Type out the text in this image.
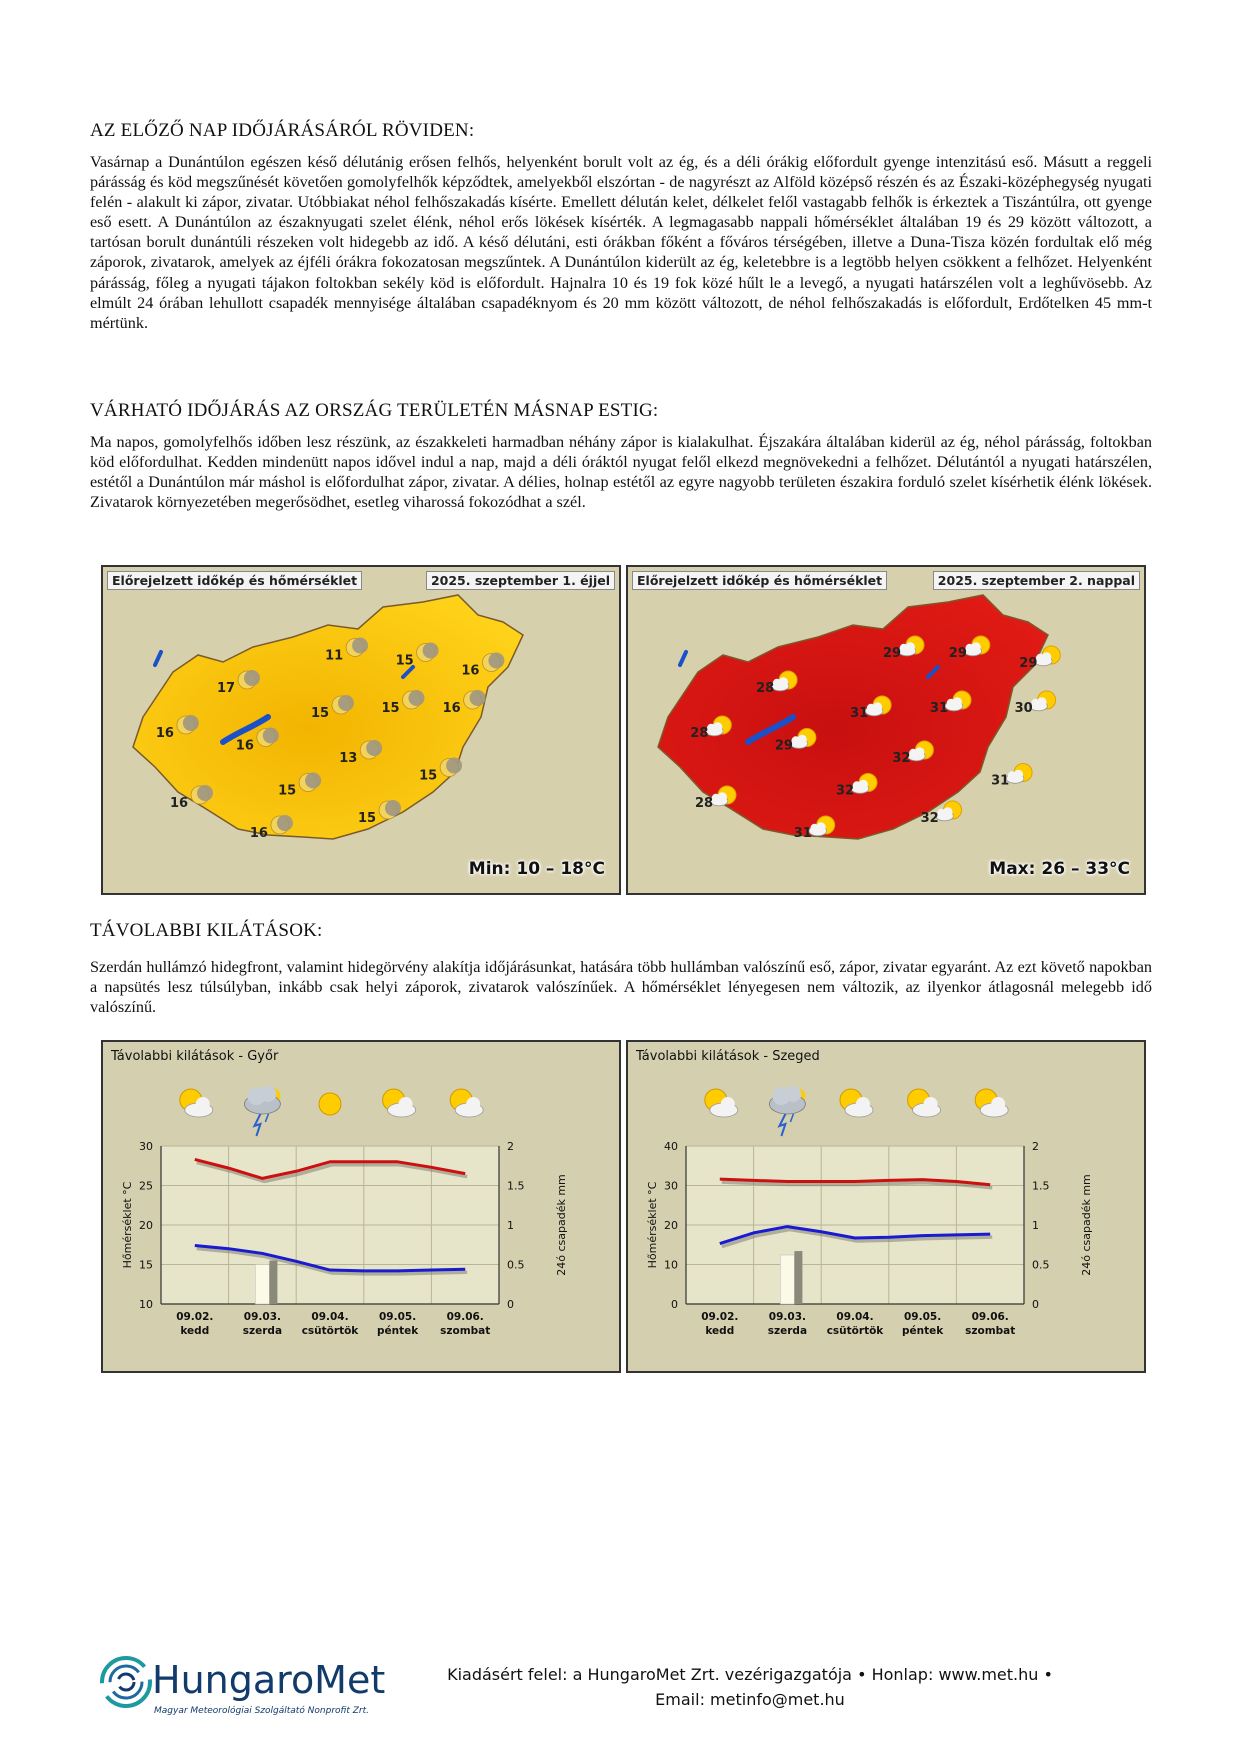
AZ ELŐZŐ NAP IDŐJÁRÁSÁRÓL RÖVIDEN:

Vasárnap a Dunántúlon egészen késő délutánig erősen felhős, helyenként borult volt az ég, és a déli órákig előfordult gyenge intenzitású eső. Másutt a reggeli párásság és köd megszűnését követően gomolyfelhők képződtek, amelyekből elszórtan - de nagyrészt az Alföld középső részén és az Északi-középhegység nyugati felén - alakult ki zápor, zivatar. Utóbbiakat néhol felhőszakadás kísérte. Emellett délután kelet, délkelet felől vastagabb felhők is érkeztek a Tiszántúlra, ott gyenge eső esett. A Dunántúlon az északnyugati szelet élénk, néhol erős lökések kísérték. A legmagasabb nappali hőmérséklet általában 19 és 29 között változott, a tartósan borult dunántúli részeken volt hidegebb az idő. A késő délutáni, esti órákban főként a főváros térségében, illetve a Duna-Tisza közén fordultak elő még záporok, zivatarok, amelyek az éjféli órákra fokozatosan megszűntek. A Dunántúlon kiderült az ég, keletebbre is a legtöbb helyen csökkent a felhőzet. Helyenként párásság, főleg a nyugati tájakon foltokban sekély köd is előfordult. Hajnalra 10 és 19 fok közé hűlt le a levegő, a nyugati határszélen volt a leghűvösebb. Az elmúlt 24 órában lehullott csapadék mennyisége általában csapadéknyom és 20 mm között változott, de néhol felhőszakadás is előfordult, Erdőtelken 45 mm-t mértünk.

VÁRHATÓ IDŐJÁRÁS AZ ORSZÁG TERÜLETÉN MÁSNAP ESTIG:

Ma napos, gomolyfelhős időben lesz részünk, az északkeleti harmadban néhány zápor is kialakulhat. Éjszakára általában kiderül az ég, néhol párásság, foltokban köd előfordulhat. Kedden mindenütt napos idővel indul a nap, majd a déli óráktól nyugat felől elkezd megnövekedni a felhőzet. Délutántól a nyugati határszélen, estétől a Dunántúlon már máshol is előfordulhat zápor, zivatar. A délies, holnap estétől az egyre nagyobb területen északira forduló szelet kísérhetik élénk lökések. Zivatarok környezetében megerősödhet, esetleg viharossá fokozódhat a szél.

11	15
16
17
15	15	16
16
16
13
15
15
16
15
16
Előrejelzett időkép és hőmérséklet	2025. szeptember 1. éjjel
Min: 10 – 18°C
29	29
29
28
31	31	30
28
29
32
32
31
28
32
31
Előrejelzett időkép és hőmérséklet	2025. szeptember 2. nappal
Max: 26 – 33°C
TÁVOLABBI KILÁTÁSOK:

Szerdán hullámzó hidegfront, valamint hidegörvény alakítja időjárásunkat, hatására több hullámban valószínű eső, zápor, zivatar egyaránt. Az ezt követő napokban a napsütés lesz túlsúlyban, inkább csak helyi záporok, zivatarok valószínűek. A hőmérséklet lényegesen nem változik, az ilyenkor átlagosnál melegebb idő valószínű.

Távolabbi kilátások - Győr
30
25
20
15
10
2
1.5
1
0.5
0
Hőmérséklet °C	24ó csapadék mm
09.02.
kedd
09.03.
szerda
09.04.
csütörtök
09.05.
péntek
09.06.
szombat
Távolabbi kilátások - Szeged
40
30
20
10
0
2
1.5
1
0.5
0
Hőmérséklet °C	24ó csapadék mm
09.02.
kedd
09.03.
szerda
09.04.
csütörtök
09.05.
péntek
09.06.
szombat
HungaroMet
Magyar Meteorológiai Szolgáltató Nonprofit Zrt.
Kiadásért felel: a HungaroMet Zrt. vezérigazgatója • Honlap: www.met.hu •
Email: metinfo@met.hu
